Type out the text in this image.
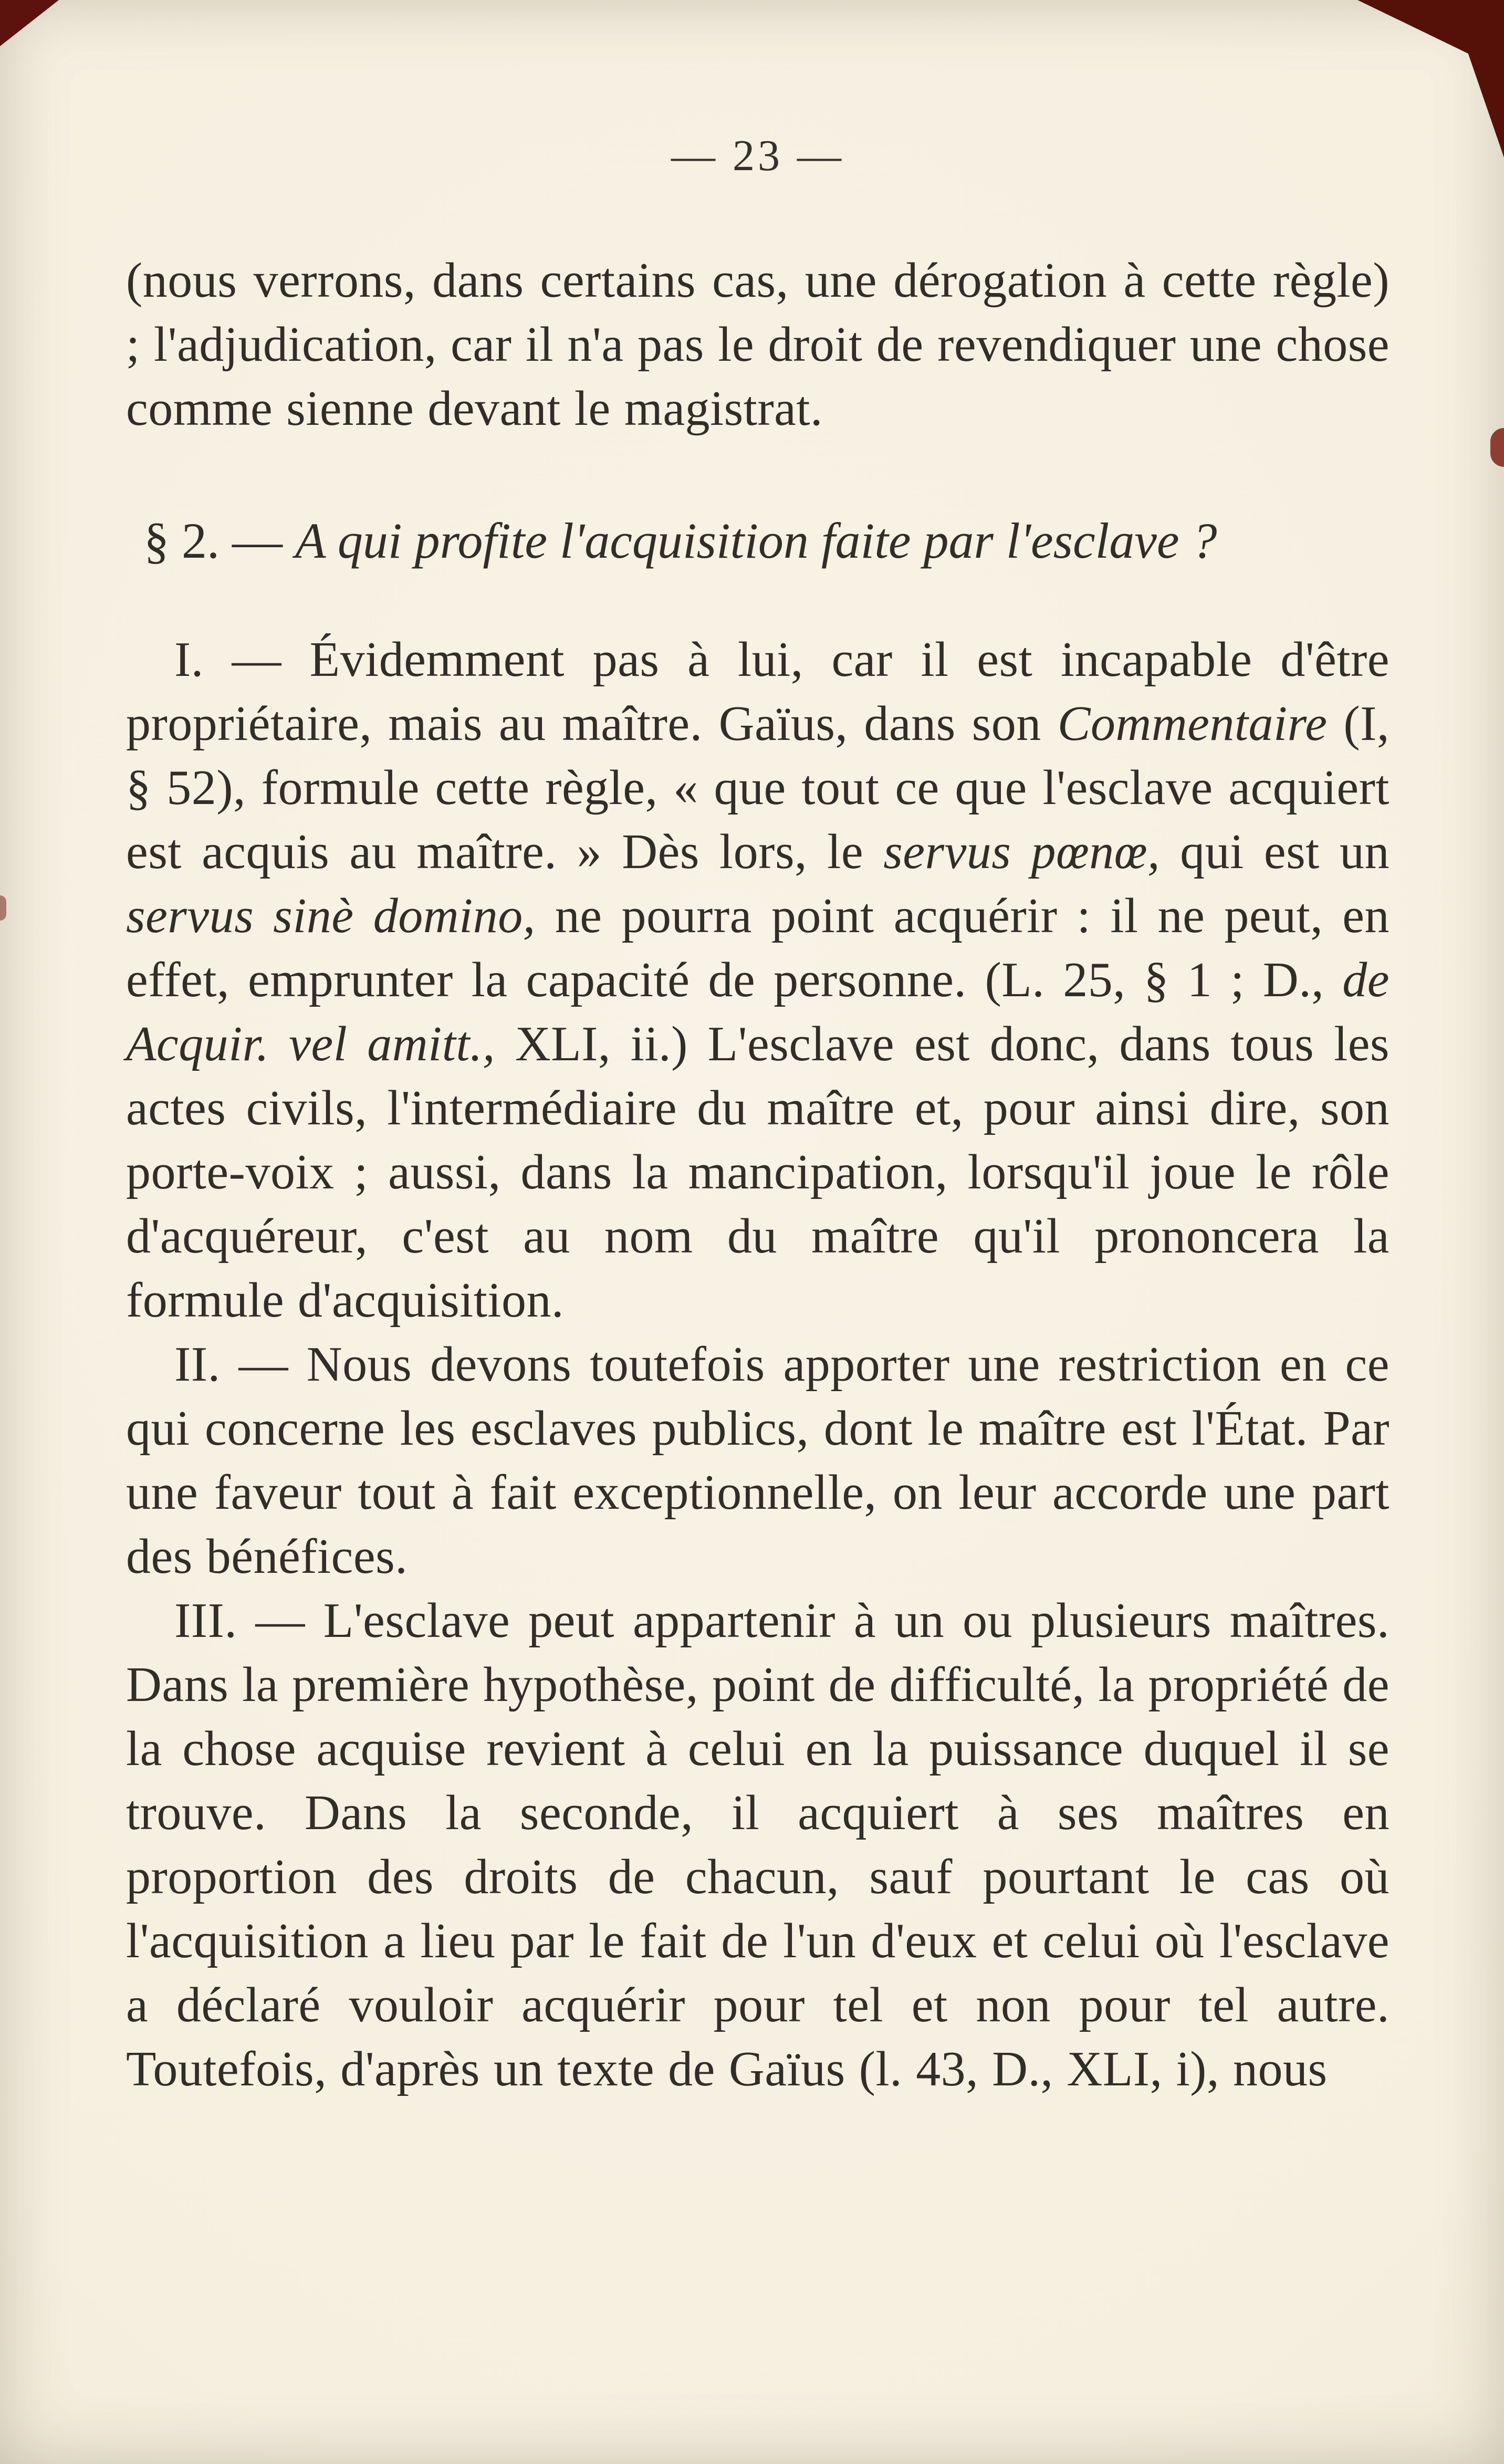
— 23 —

(nous verrons, dans certains cas, une dérogation à cette règle) ; l'adjudication, car il n'a pas le droit de revendiquer une chose comme sienne devant le magistrat.

§ 2. — A qui profite l'acquisition faite par l'esclave ?

I. — Évidemment pas à lui, car il est incapable d'être propriétaire, mais au maître. Gaïus, dans son Commentaire (I, § 52), formule cette règle, « que tout ce que l'esclave acquiert est acquis au maître. » Dès lors, le servus pœnœ, qui est un servus sinè domino, ne pourra point acquérir : il ne peut, en effet, emprunter la capacité de personne. (L. 25, § 1 ; D., de Acquir. vel amitt., XLI, ii.) L'esclave est donc, dans tous les actes civils, l'intermédiaire du maître et, pour ainsi dire, son porte-voix ; aussi, dans la mancipation, lorsqu'il joue le rôle d'acquéreur, c'est au nom du maître qu'il prononcera la formule d'acquisition.

II. — Nous devons toutefois apporter une restriction en ce qui concerne les esclaves publics, dont le maître est l'État. Par une faveur tout à fait exceptionnelle, on leur accorde une part des bénéfices.

III. — L'esclave peut appartenir à un ou plusieurs maîtres. Dans la première hypothèse, point de difficulté, la propriété de la chose acquise revient à celui en la puissance duquel il se trouve. Dans la seconde, il acquiert à ses maîtres en proportion des droits de chacun, sauf pourtant le cas où l'acquisition a lieu par le fait de l'un d'eux et celui où l'esclave a déclaré vouloir acquérir pour tel et non pour tel autre. Toutefois, d'après un texte de Gaïus (l. 43, D., XLI, i), nous
